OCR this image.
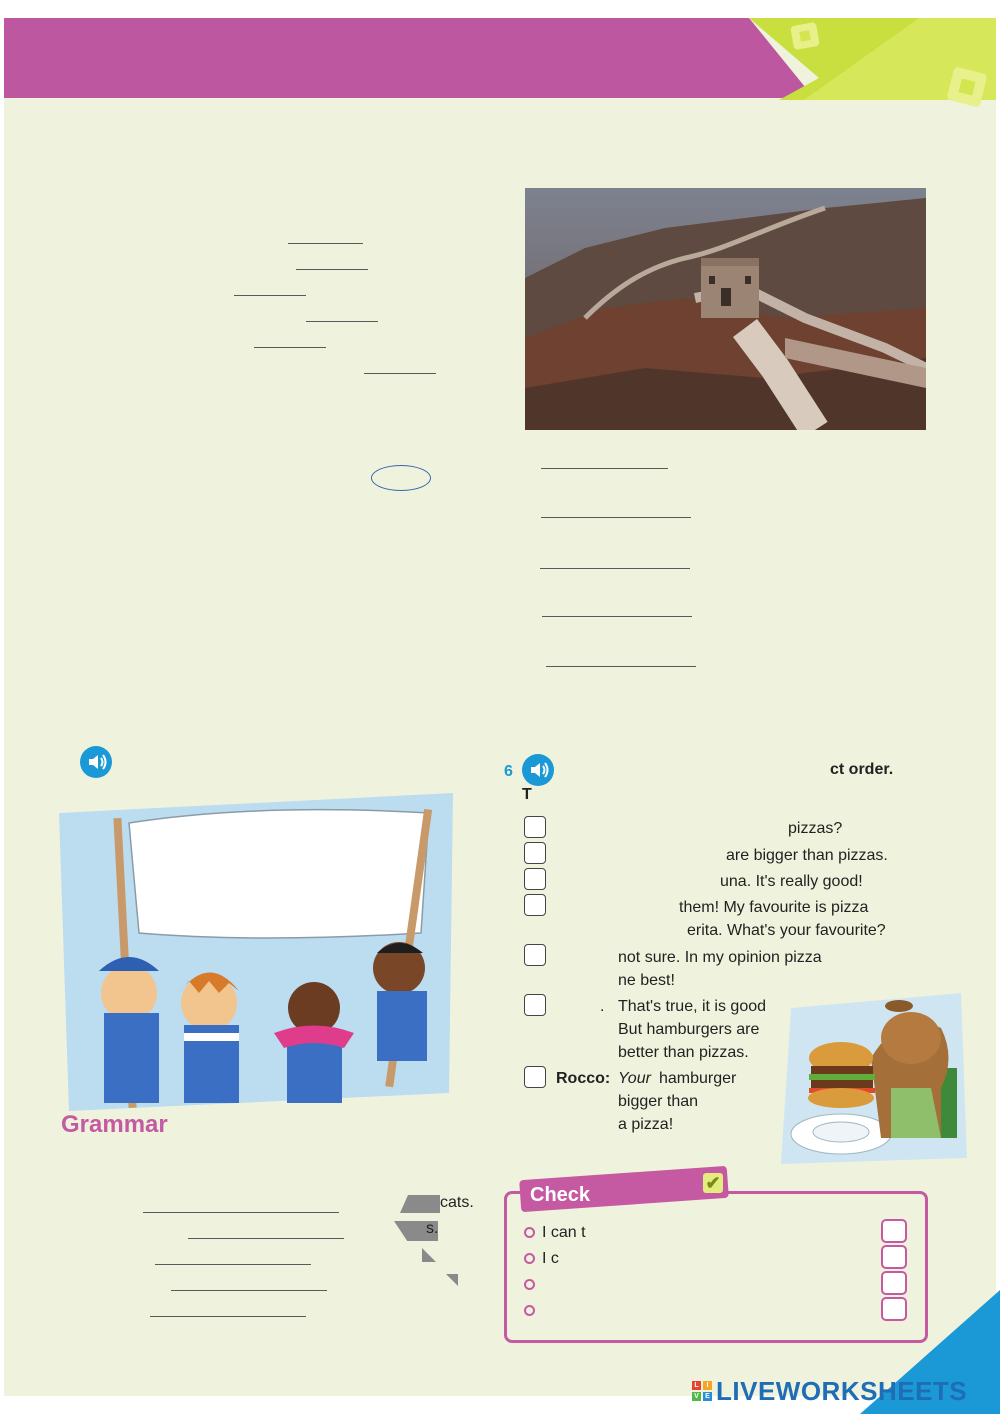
6	ct order.
T
pizzas?
are bigger than pizzas.
una. It's really good!
them! My favourite is pizza
erita. What's your favourite?
not sure. In my opinion pizza
ne best!
. That's true, it is good
But hamburgers are
better than pizzas.
Rocco: Your hamburger
bigger than
a pizza!
Grammar
cats.
s.
Check
✔
I can t
I c
L	I
V E LIVEWORKSHEETS
